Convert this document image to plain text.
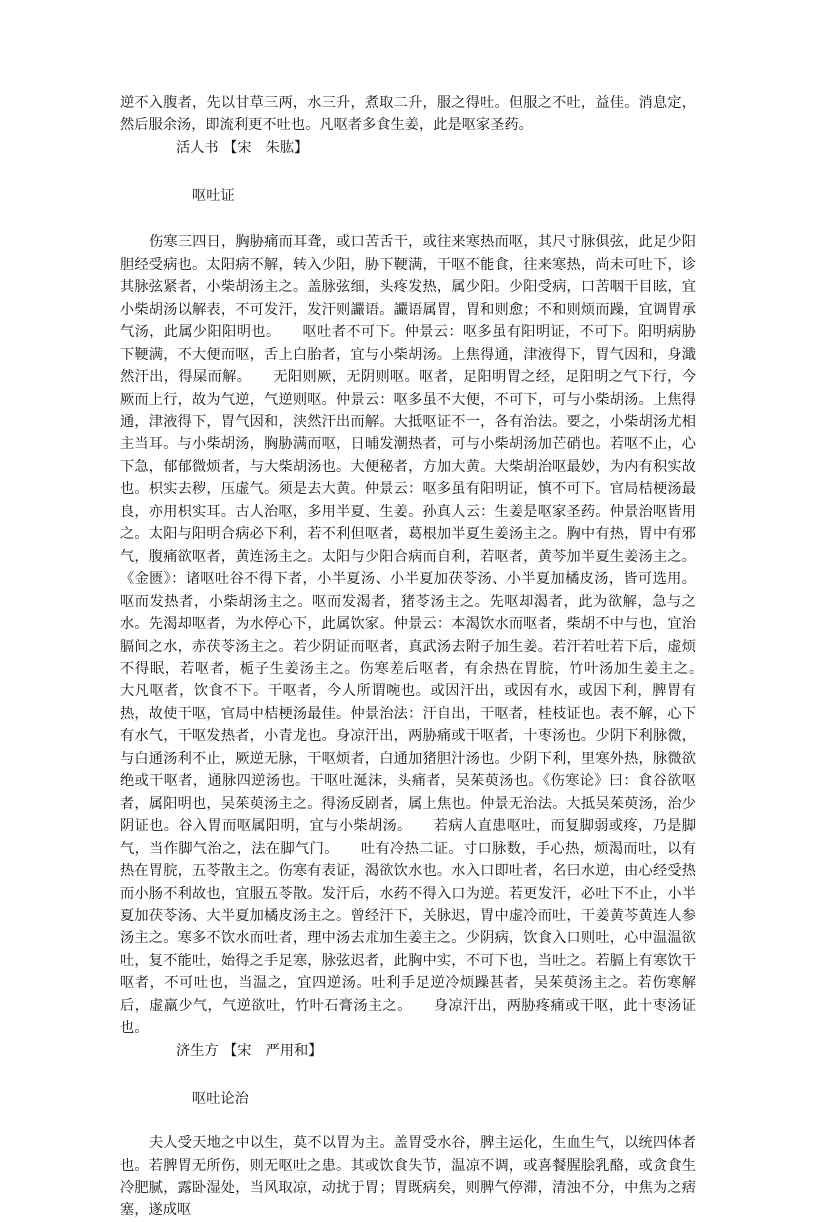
逆不入腹者，先以甘草三两，水三升，煮取二升，服之得吐。但服之不吐，益佳。消息定，然后服余汤，即流利更不吐也。凡呕者多食生姜，此是呕家圣药。

活人书 【宋　朱肱】

呕吐证

伤寒三四日，胸胁痛而耳聋，或口苦舌干，或往来寒热而呕，其尺寸脉俱弦，此足少阳胆经受病也。太阳病不解，转入少阳，胁下鞕满，干呕不能食，往来寒热，尚未可吐下，诊其脉弦紧者，小柴胡汤主之。盖脉弦细，头疼发热，属少阳。少阳受病，口苦咽干目眩，宜小柴胡汤以解表，不可发汗，发汗则讝语。讝语属胃，胃和则愈；不和则烦而躁，宜调胃承气汤，此属少阳阳明也。　　呕吐者不可下。仲景云：呕多虽有阳明证，不可下。阳明病胁下鞕满，不大便而呕，舌上白胎者，宜与小柴胡汤。上焦得通，津液得下，胃气因和，身濈然汗出，得屎而解。　　无阳则厥，无阴则呕。呕者，足阳明胃之经，足阳明之气下行，今厥而上行，故为气逆，气逆则呕。仲景云：呕多虽不大便，不可下，可与小柴胡汤。上焦得通，津液得下，胃气因和，浃然汗出而解。大抵呕证不一，各有治法。要之，小柴胡汤尤相主当耳。与小柴胡汤，胸胁满而呕，日晡发潮热者，可与小柴胡汤加芒硝也。若呕不止，心下急，郁郁微烦者，与大柴胡汤也。大便秘者，方加大黄。大柴胡治呕最妙，为内有积实故也。枳实去秽，压虚气。须是去大黄。仲景云：呕多虽有阳明证，慎不可下。官局桔梗汤最良，亦用枳实耳。古人治呕，多用半夏、生姜。孙真人云：生姜是呕家圣药。仲景治呕皆用之。太阳与阳明合病必下利，若不利但呕者，葛根加半夏生姜汤主之。胸中有热，胃中有邪气，腹痛欲呕者，黄连汤主之。太阳与少阳合病而自利，若呕者，黄芩加半夏生姜汤主之。《金匮》：诸呕吐谷不得下者，小半夏汤、小半夏加茯苓汤、小半夏加橘皮汤，皆可选用。呕而发热者，小柴胡汤主之。呕而发渴者，猪苓汤主之。先呕却渴者，此为欲解，急与之水。先渴却呕者，为水停心下，此属饮家。仲景云：本渴饮水而呕者，柴胡不中与也，宜治膈间之水，赤茯苓汤主之。若少阴证而呕者，真武汤去附子加生姜。若汗若吐若下后，虚烦不得眠，若呕者，栀子生姜汤主之。伤寒差后呕者，有余热在胃脘，竹叶汤加生姜主之。　　大凡呕者，饮食不下。干呕者，今人所谓啘也。或因汗出，或因有水，或因下利，脾胃有热，故使干呕，官局中桔梗汤最佳。仲景治法：汗自出，干呕者，桂枝证也。表不解，心下有水气，干呕发热者，小青龙也。身凉汗出，两胁痛或干呕者，十枣汤也。少阴下利脉微，与白通汤利不止，厥逆无脉，干呕烦者，白通加猪胆汁汤也。少阴下利，里寒外热，脉微欲绝或干呕者，通脉四逆汤也。干呕吐涎沫，头痛者，吴茱萸汤也。《伤寒论》曰：食谷欲呕者，属阳明也，吴茱萸汤主之。得汤反剧者，属上焦也。仲景无治法。大抵吴茱萸汤，治少阴证也。谷入胃而呕属阳明，宜与小柴胡汤。　　若病人直患呕吐，而复脚弱或疼，乃是脚气，当作脚气治之，法在脚气门。　　吐有冷热二证。寸口脉数，手心热，烦渴而吐，以有热在胃脘，五苓散主之。伤寒有表证，渴欲饮水也。水入口即吐者，名曰水逆，由心经受热而小肠不利故也，宜服五苓散。发汗后，水药不得入口为逆。若更发汗，必吐下不止，小半夏加茯苓汤、大半夏加橘皮汤主之。曾经汗下，关脉迟，胃中虚冷而吐，干姜黄芩黄连人参汤主之。寒多不饮水而吐者，理中汤去朮加生姜主之。少阴病，饮食入口则吐，心中温温欲吐，复不能吐，始得之手足寒，脉弦迟者，此胸中实，不可下也，当吐之。若膈上有寒饮干呕者，不可吐也，当温之，宜四逆汤。吐利手足逆冷烦躁甚者，吴茱萸汤主之。若伤寒解后，虚羸少气，气逆欲吐，竹叶石膏汤主之。　　身凉汗出，两胁疼痛或干呕，此十枣汤证也。

济生方 【宋　严用和】

呕吐论治

夫人受天地之中以生，莫不以胃为主。盖胃受水谷，脾主运化，生血生气，以统四体者也。若脾胃无所伤，则无呕吐之患。其或饮食失节，温凉不调，或喜餐腥脍乳酪，或贪食生冷肥腻，露卧湿处，当风取凉，动扰于胃；胃既病矣，则脾气停滞，清浊不分，中焦为之痞塞，遂成呕
